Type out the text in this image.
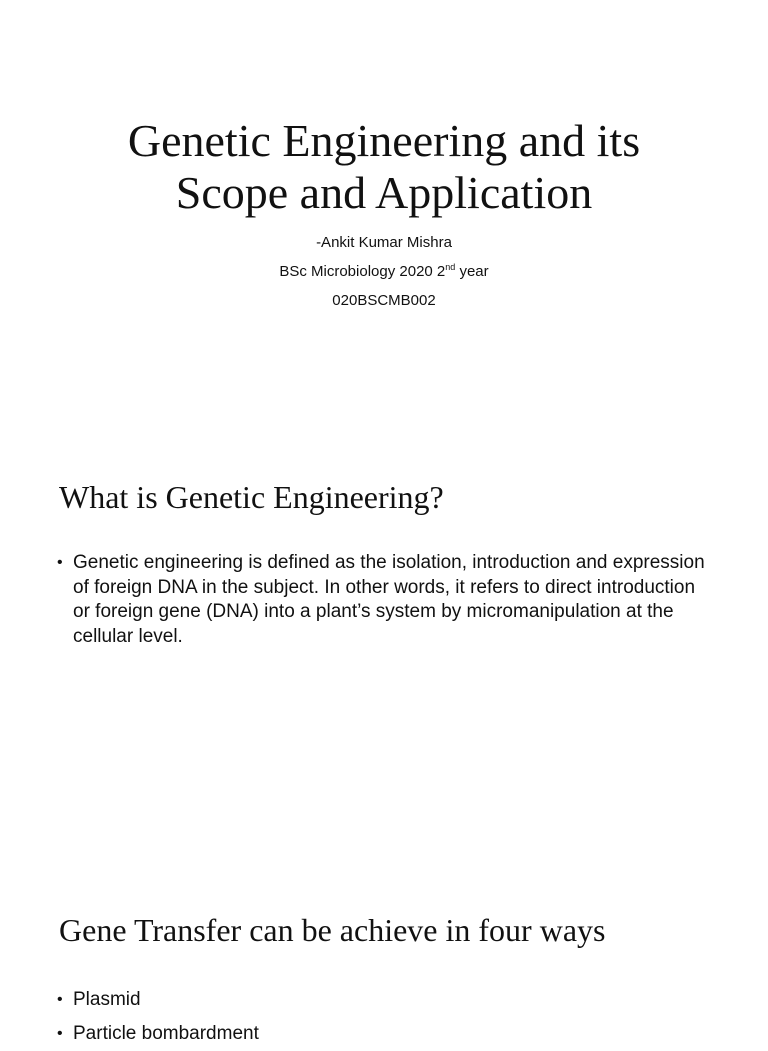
Genetic Engineering and its
Scope and Application
-Ankit Kumar Mishra
BSc Microbiology 2020 2nd year
020BSCMB002
What is Genetic Engineering?
• Genetic engineering is defined as the isolation, introduction and expression of foreign DNA in the subject. In other words, it refers to direct introduction or foreign gene (DNA) into a plant’s system by micromanipulation at the cellular level.
Gene Transfer can be achieve in four ways
• Plasmid
• Particle bombardment
